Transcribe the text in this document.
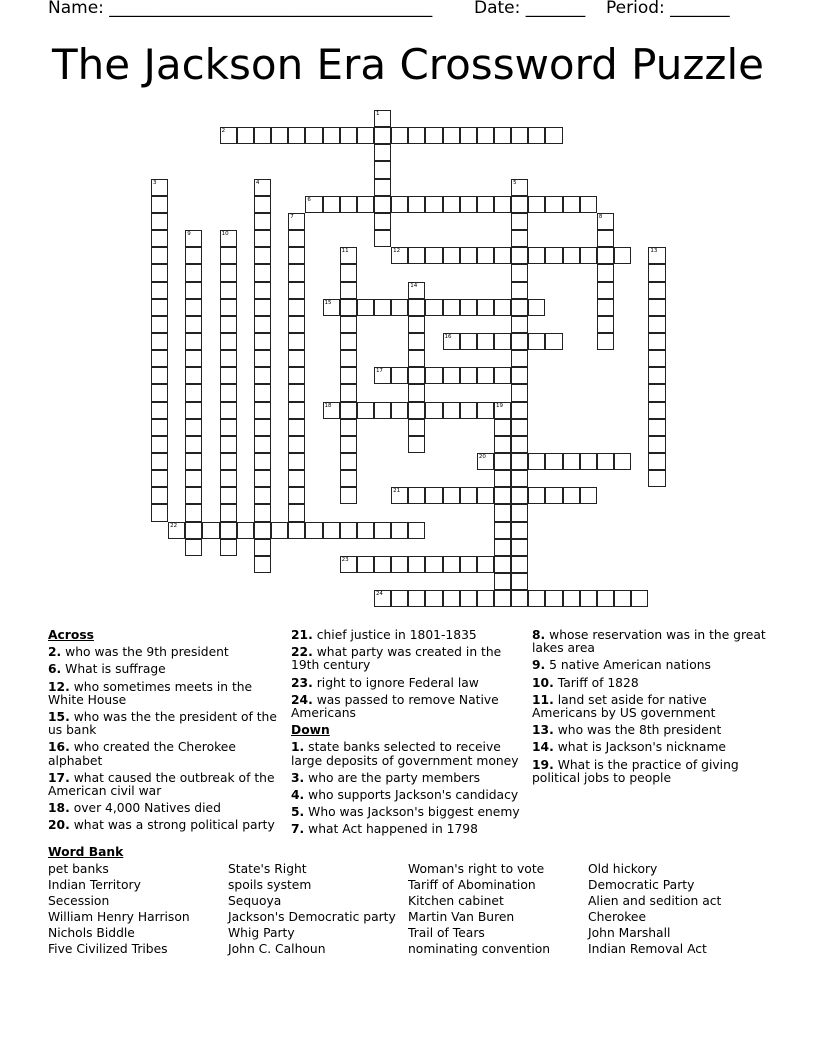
Name: ______________________________________ Date: _______ Period: _______
The Jackson Era Crossword Puzzle
1
2
3	4	5
6
7	8
9	10
11	12	13
14
15
16
17
18	19
20
21
22
23
24
Across
2. who was the 9th president
6. What is suffrage
12. who sometimes meets in the White House
15. who was the the president of the us bank
16. who created the Cherokee alphabet
17. what caused the outbreak of the American civil war
18. over 4,000 Natives died
20. what was a strong political party
21. chief justice in 1801-1835
22. what party was created in the 19th century
23. right to ignore Federal law
24. was passed to remove Native Americans
Down
1. state banks selected to receive large deposits of government money
3. who are the party members
4. who supports Jackson's candidacy
5. Who was Jackson's biggest enemy
7. what Act happened in 1798
8. whose reservation was in the great lakes area
9. 5 native American nations
10. Tariff of 1828
11. land set aside for native Americans by US government
13. who was the 8th president
14. what is Jackson's nickname
19. What is the practice of giving political jobs to people
Word Bank
pet banks
Indian Territory
Secession
William Henry Harrison
Nichols Biddle
Five Civilized Tribes
State's Right
spoils system
Sequoya
Jackson's Democratic party
Whig Party
John C. Calhoun
Woman's right to vote
Tariff of Abomination
Kitchen cabinet
Martin Van Buren
Trail of Tears
nominating convention
Old hickory
Democratic Party
Alien and sedition act
Cherokee
John Marshall
Indian Removal Act
